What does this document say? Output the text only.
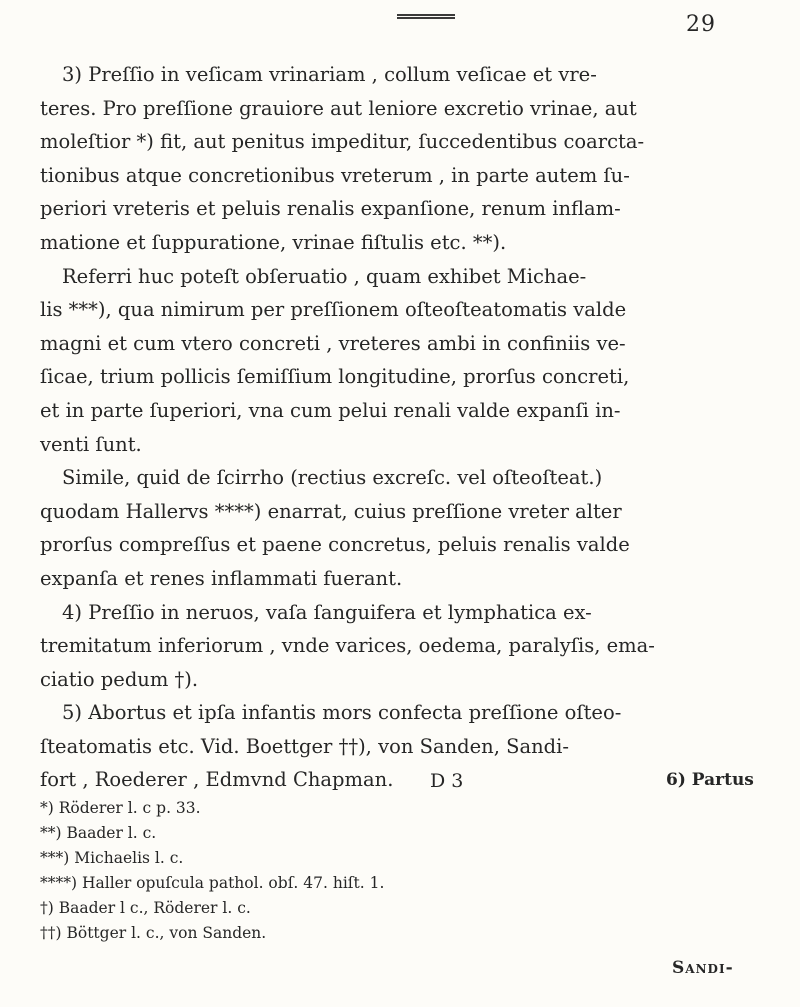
29

3) Preſſio in veſicam vrinariam , collum veſicae et vre-

teres. Pro preſſione grauiore aut leniore excretio vrinae, aut

moleſtior *) fit, aut penitus impeditur, ſuccedentibus coarcta-

tionibus atque concretionibus vreterum , in parte autem ſu-

periori vreteris et peluis renalis expanſione, renum inflam-

matione et ſuppuratione, vrinae fiſtulis etc. **).

Referri huc poteſt obſeruatio , quam exhibet Michae-

lis ***), qua nimirum per preſſionem oſteoſteatomatis valde

magni et cum vtero concreti , vreteres ambi in confiniis ve-

ſicae, trium pollicis ſemiſſium longitudine, prorſus concreti,

et in parte ſuperiori, vna cum pelui renali valde expanſi in-

venti ſunt.

Simile, quid de ſcirrho (rectius excreſc. vel oſteoſteat.)

quodam Hallervs ****) enarrat, cuius preſſione vreter alter

prorſus compreſſus et paene concretus, peluis renalis valde

expanſa et renes inflammati fuerant.

4) Preſſio in neruos, vaſa ſanguifera et lymphatica ex-

tremitatum inferiorum , vnde varices, oedema, paralyſis, ema-

ciatio pedum †).

5) Abortus et ipſa infantis mors confecta preſſione oſteo-

ſteatomatis etc. Vid. Boettger ††), von Sanden, Sandi-

fort , Roederer , Edmvnd Chapman.	D 3	6) Partus
*) Röderer l. c p. 33.
**) Baader l. c.
***) Michaelis l. c.
****) Haller opuſcula pathol. obſ. 47. hiſt. 1.
†) Baader l c., Röderer l. c.
††) Böttger l. c., von Sanden.
Sandi-
